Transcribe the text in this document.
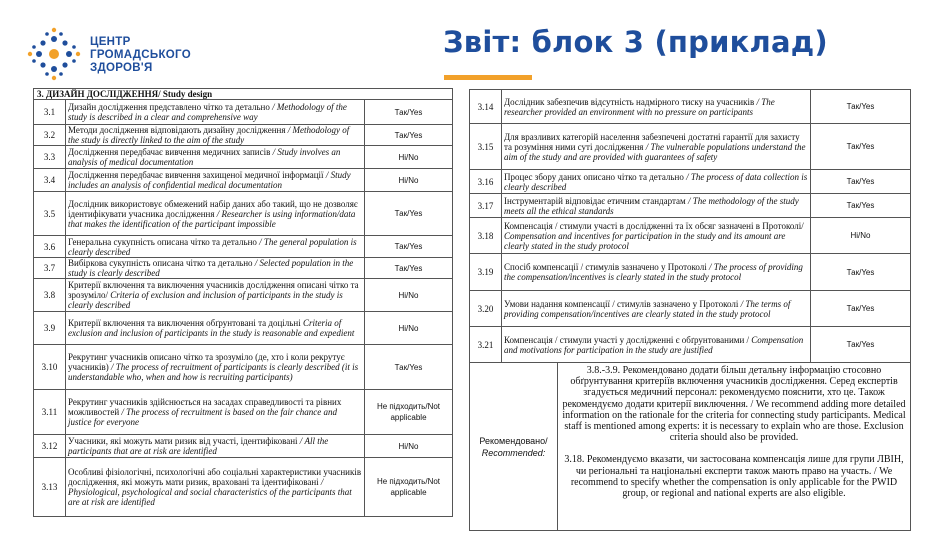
ЦЕНТР
ГРОМАДСЬКОГО
ЗДОРОВ'Я
Звіт: блок 3 (приклад)
3. ДИЗАЙН ДОСЛІДЖЕННЯ/ Study design		
3.1	Дизайн дослідження представлено чітко та детально / Methodology of the study is described in a clear and comprehensive way	Так/Yes
3.2	Методи дослідження відповідають дизайну дослідження / Methodology of the study is directly linked to the aim of the study	Так/Yes
3.3	Дослідження передбачає вивчення медичних записів / Study involves an analysis of medical documentation	Ні/No
3.4	Дослідження передбачає вивчення захищеної медичної інформації / Study includes an analysis of confidential medical documentation	Ні/No
3.5	Дослідник використовує обмежений набір даних або такий, що не дозволяє ідентифікувати учасника дослідження / Researcher is using information/data that makes the identification of the participant impossible	Так/Yes
3.6	Генеральна сукупність описана чітко та детально / The general population is clearly described	Так/Yes
3.7	Вибіркова сукупність описана чітко та детально / Selected population in the study is clearly described	Так/Yes
3.8	Критерії включення та виключення учасників дослідження описані чітко та зрозуміло/ Criteria of exclusion and inclusion of participants in the study is clearly described	Ні/No
3.9	Критерії включення та виключення обґрунтовані та доцільні Criteria of exclusion and inclusion of participants in the study is reasonable and expedient	Ні/No
3.10	Рекрутинг учасників описано чітко та зрозуміло (де, хто і коли рекрутує учасників) / The process of recruitment of participants is clearly described (it is understandable who, when and how is recruiting participants)	Так/Yes
3.11	Рекрутинг учасників здійснюється на засадах справедливості та рівних можливостей / The process of recruitment is based on the fair chance and justice for everyone	Не підходить/Not applicable
3.12	Учасники, які можуть мати ризик від участі, ідентифіковані / All the participants that are at risk are identified	Ні/No
3.13	Особливі фізіологічні, психологічні або соціальні характеристики учасників дослідження, які можуть мати ризик, враховані та ідентифіковані / Physiological, psychological and social characteristics of the participants that are at risk are identified	Не підходить/Not applicable
3.14	Дослідник забезпечив відсутність надмірного тиску на учасників / The researcher provided an environment with no pressure on participants	Так/Yes
3.15	Для вразливих категорій населення забезпечені достатні гарантії для захисту та розуміння ними суті дослідження / The vulnerable populations understand the aim of the study and are provided with guarantees of safety	Так/Yes
3.16	Процес збору даних описано чітко та детально / The process of data collection is clearly described	Так/Yes
3.17	Інструментарій відповідає етичним стандартам / The methodology of the study meets all the ethical standards	Так/Yes
3.18	Компенсація / стимули участі в дослідженні та їх обсяг зазначені в Протоколі/ Compensation and incentives for participation in the study and its amount are clearly stated in the study protocol	Ні/No
3.19	Спосіб компенсації / стимулів зазначено у Протоколі / The process of providing the compensation/incentives is clearly stated in the study protocol	Так/Yes
3.20	Умови надання компенсації / стимулів зазначено у Протоколі / The terms of providing compensation/incentives are clearly stated in the study protocol	Так/Yes
3.21	Компенсація / стимули участі у дослідженні є обґрунтованими / Compensation and motivations for participation in the study are justified	Так/Yes
Рекомендовано/
Recommended:

3.8.-3.9. Рекомендовано додати більш детальну інформацію стосовно обґрунтування критеріїв включення учасників дослідження. Серед експертів згадується медичний персонал: рекомендуємо пояснити, хто це. Також рекомендуємо додати критерії виключення. / We recommend adding more detailed information on the rationale for the criteria for connecting study participants. Medical staff is mentioned among experts: it is necessary to explain who are those. Exclusion criteria should also be provided.

3.18. Рекомендуємо вказати, чи застосована компенсація лише для групи ЛВІН, чи регіональні та національні експерти також мають право на участь. / We recommend to specify whether the compensation is only applicable for the PWID group, or regional and national experts are also eligible.
